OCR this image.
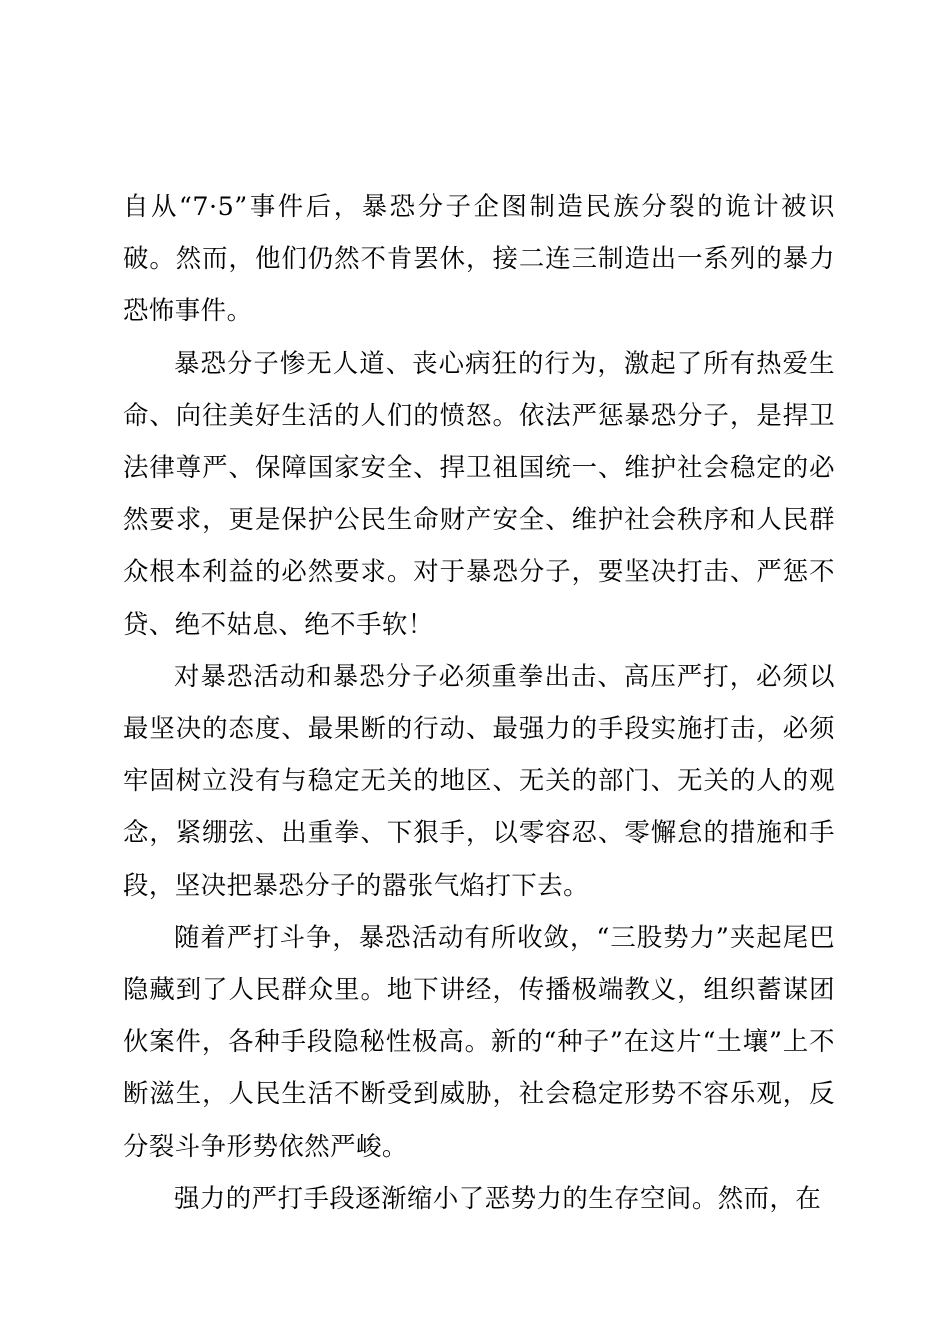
自从“7·5”事件后，暴恐分子企图制造民族分裂的诡计被识破。然而，他们仍然不肯罢休，接二连三制造出一系列的暴力恐怖事件。

暴恐分子惨无人道、丧心病狂的行为，激起了所有热爱生命、向往美好生活的人们的愤怒。依法严惩暴恐分子，是捍卫法律尊严、保障国家安全、捍卫祖国统一、维护社会稳定的必然要求，更是保护公民生命财产安全、维护社会秩序和人民群众根本利益的必然要求。对于暴恐分子，要坚决打击、严惩不贷、绝不姑息、绝不手软！

对暴恐活动和暴恐分子必须重拳出击、高压严打，必须以最坚决的态度、最果断的行动、最强力的手段实施打击，必须牢固树立没有与稳定无关的地区、无关的部门、无关的人的观念，紧绷弦、出重拳、下狠手，以零容忍、零懈怠的措施和手段，坚决把暴恐分子的嚣张气焰打下去。

随着严打斗争，暴恐活动有所收敛，“三股势力”夹起尾巴隐藏到了人民群众里。地下讲经，传播极端教义，组织蓄谋团伙案件，各种手段隐秘性极高。新的“种子”在这片“土壤”上不断滋生，人民生活不断受到威胁，社会稳定形势不容乐观，反分裂斗争形势依然严峻。

强力的严打手段逐渐缩小了恶势力的生存空间。然而，在
